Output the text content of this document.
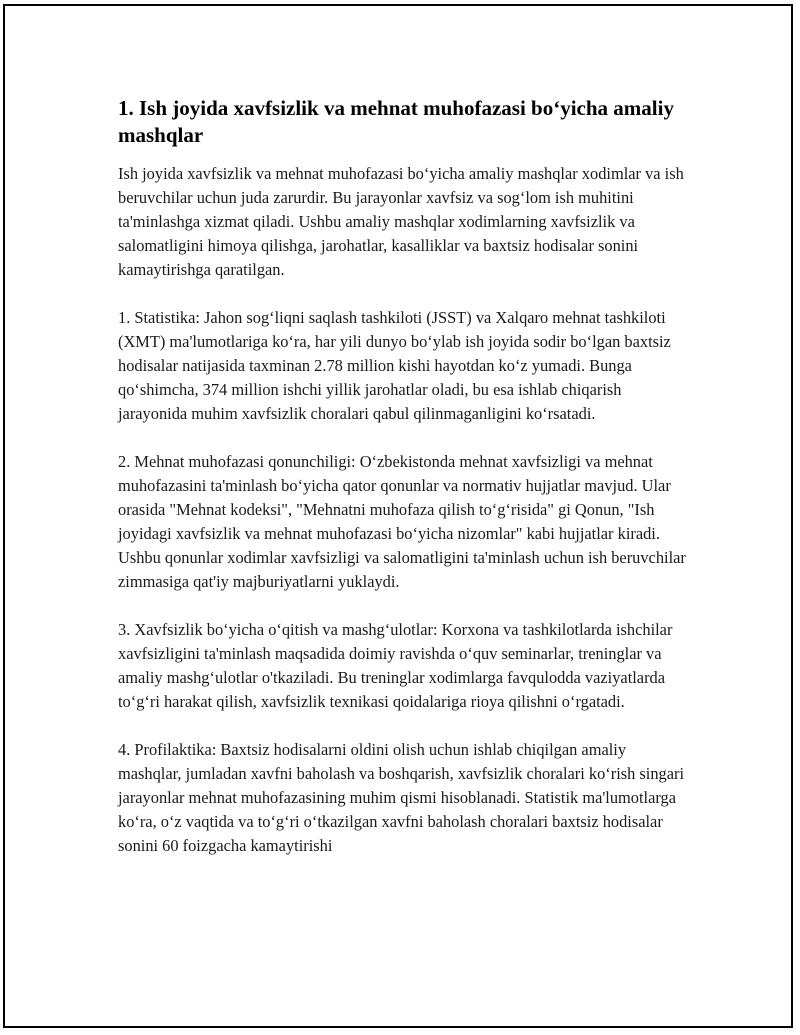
1. Ish joyida xavfsizlik va mehnat muhofazasi bo‘yicha amaliy mashqlar

Ish joyida xavfsizlik va mehnat muhofazasi bo‘yicha amaliy mashqlar xodimlar va ish beruvchilar uchun juda zarurdir. Bu jarayonlar xavfsiz va sog‘lom ish muhitini ta'minlashga xizmat qiladi. Ushbu amaliy mashqlar xodimlarning xavfsizlik va salomatligini himoya qilishga, jarohatlar, kasalliklar va baxtsiz hodisalar sonini kamaytirishga qaratilgan.

1. Statistika: Jahon sog‘liqni saqlash tashkiloti (JSST) va Xalqaro mehnat tashkiloti (XMT) ma'lumotlariga ko‘ra, har yili dunyo bo‘ylab ish joyida sodir bo‘lgan baxtsiz hodisalar natijasida taxminan 2.78 million kishi hayotdan ko‘z yumadi. Bunga qo‘shimcha, 374 million ishchi yillik jarohatlar oladi, bu esa ishlab chiqarish jarayonida muhim xavfsizlik choralari qabul qilinmaganligini ko‘rsatadi.

2. Mehnat muhofazasi qonunchiligi: O‘zbekistonda mehnat xavfsizligi va mehnat muhofazasini ta'minlash bo‘yicha qator qonunlar va normativ hujjatlar mavjud. Ular orasida "Mehnat kodeksi", "Mehnatni muhofaza qilish to‘g‘risida" gi Qonun, "Ish joyidagi xavfsizlik va mehnat muhofazasi bo‘yicha nizomlar" kabi hujjatlar kiradi. Ushbu qonunlar xodimlar xavfsizligi va salomatligini ta'minlash uchun ish beruvchilar zimmasiga qat'iy majburiyatlarni yuklaydi.

3. Xavfsizlik bo‘yicha o‘qitish va mashg‘ulotlar: Korxona va tashkilotlarda ishchilar xavfsizligini ta'minlash maqsadida doimiy ravishda o‘quv seminarlar, treninglar va amaliy mashg‘ulotlar o'tkaziladi. Bu treninglar xodimlarga favqulodda vaziyatlarda to‘g‘ri harakat qilish, xavfsizlik texnikasi qoidalariga rioya qilishni o‘rgatadi.

4. Profilaktika: Baxtsiz hodisalarni oldini olish uchun ishlab chiqilgan amaliy mashqlar, jumladan xavfni baholash va boshqarish, xavfsizlik choralari ko‘rish singari jarayonlar mehnat muhofazasining muhim qismi hisoblanadi. Statistik ma'lumotlarga ko‘ra, o‘z vaqtida va to‘g‘ri o‘tkazilgan xavfni baholash choralari baxtsiz hodisalar sonini 60 foizgacha kamaytirishi
